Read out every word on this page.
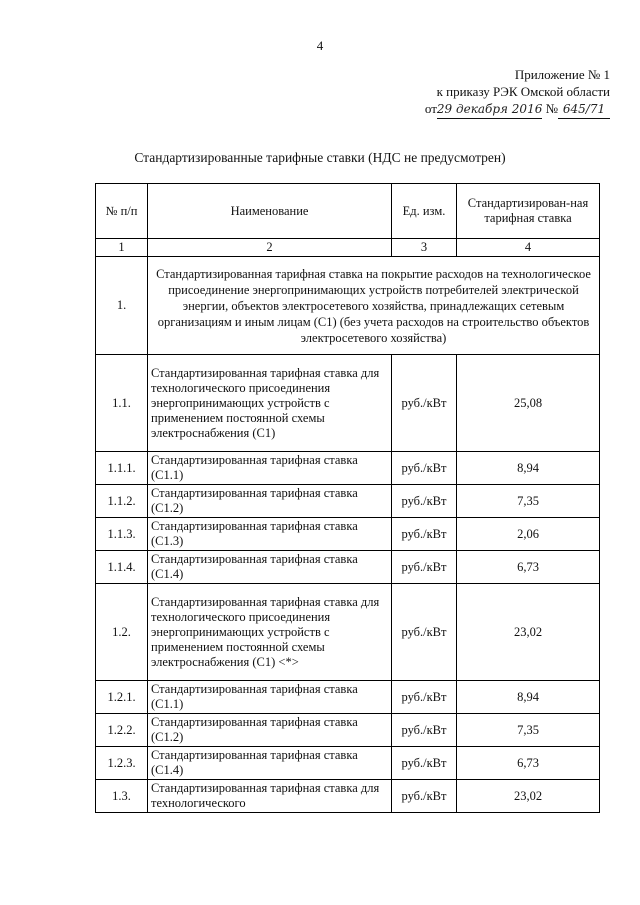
4
Приложение № 1
к приказу РЭК Омской области
от29 декабря 2016 № 645/71
Стандартизированные тарифные ставки (НДС не предусмотрен)
№ п/п	Наименование	Ед. изм.	Стандартизирован-ная тарифная ставка
1	2	3	4
1.	Стандартизированная тарифная ставка на покрытие расходов на технологическое присоединение энергопринимающих устройств потребителей электрической энергии, объектов электросетевого хозяйства, принадлежащих сетевым организациям и иным лицам (С1) (без учета расходов на строительство объектов электросетевого хозяйства)		
1.1.	Стандартизированная тарифная ставка для технологического присоединения энергопринимающих устройств с применением постоянной схемы электроснабжения (С1)	руб./кВт	25,08
1.1.1.	Стандартизированная тарифная ставка (С1.1)	руб./кВт	8,94
1.1.2.	Стандартизированная тарифная ставка (С1.2)	руб./кВт	7,35
1.1.3.	Стандартизированная тарифная ставка (С1.3)	руб./кВт	2,06
1.1.4.	Стандартизированная тарифная ставка (С1.4)	руб./кВт	6,73
1.2.	Стандартизированная тарифная ставка для технологического присоединения энергопринимающих устройств с применением постоянной схемы электроснабжения (С1) <*>	руб./кВт	23,02
1.2.1.	Стандартизированная тарифная ставка (С1.1)	руб./кВт	8,94
1.2.2.	Стандартизированная тарифная ставка (С1.2)	руб./кВт	7,35
1.2.3.	Стандартизированная тарифная ставка (С1.4)	руб./кВт	6,73
1.3.	Стандартизированная тарифная ставка для технологического	руб./кВт	23,02
